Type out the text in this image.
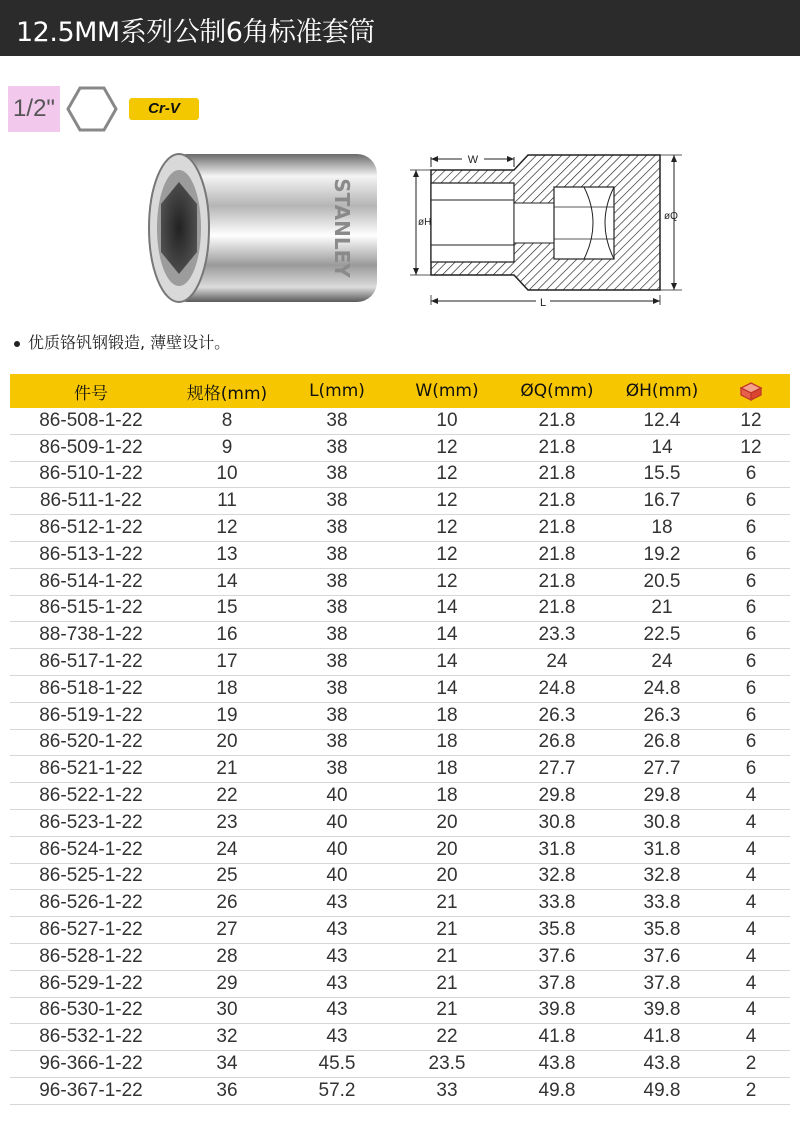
12.5MM系列公制6角标准套筒
1/2"	Cr-V
STANLEY
W
øH
øQ
L
优质铬钒钢锻造, 薄壁设计。
件号	规格(mm)	L(mm)	W(mm)	ØQ(mm)	ØH(mm)	
86-508-1-22	8	38	10	21.8	12.4	12
86-509-1-22	9	38	12	21.8	14	12
86-510-1-22	10	38	12	21.8	15.5	6
86-511-1-22	11	38	12	21.8	16.7	6
86-512-1-22	12	38	12	21.8	18	6
86-513-1-22	13	38	12	21.8	19.2	6
86-514-1-22	14	38	12	21.8	20.5	6
86-515-1-22	15	38	14	21.8	21	6
88-738-1-22	16	38	14	23.3	22.5	6
86-517-1-22	17	38	14	24	24	6
86-518-1-22	18	38	14	24.8	24.8	6
86-519-1-22	19	38	18	26.3	26.3	6
86-520-1-22	20	38	18	26.8	26.8	6
86-521-1-22	21	38	18	27.7	27.7	6
86-522-1-22	22	40	18	29.8	29.8	4
86-523-1-22	23	40	20	30.8	30.8	4
86-524-1-22	24	40	20	31.8	31.8	4
86-525-1-22	25	40	20	32.8	32.8	4
86-526-1-22	26	43	21	33.8	33.8	4
86-527-1-22	27	43	21	35.8	35.8	4
86-528-1-22	28	43	21	37.6	37.6	4
86-529-1-22	29	43	21	37.8	37.8	4
86-530-1-22	30	43	21	39.8	39.8	4
86-532-1-22	32	43	22	41.8	41.8	4
96-366-1-22	34	45.5	23.5	43.8	43.8	2
96-367-1-22	36	57.2	33	49.8	49.8	2
